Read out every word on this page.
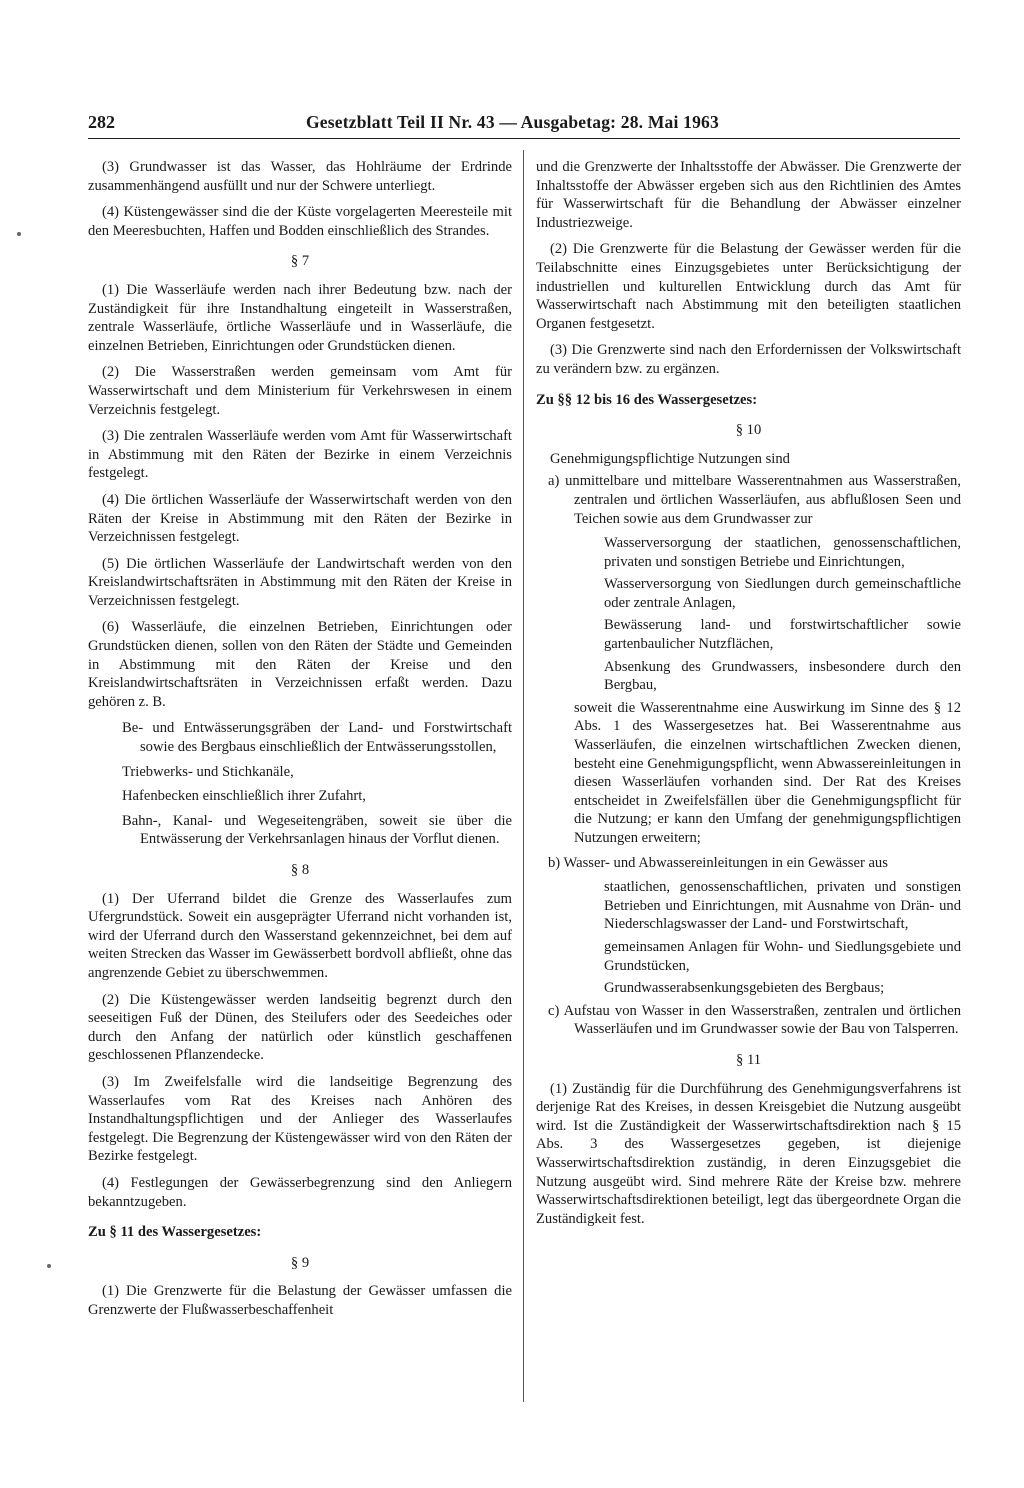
282	Gesetzblatt Teil II Nr. 43 — Ausgabetag: 28. Mai 1963

(3) Grundwasser ist das Wasser, das Hohlräume der Erdrinde zusammenhängend ausfüllt und nur der Schwere unterliegt.

(4) Küstengewässer sind die der Küste vorgelagerten Meeresteile mit den Meeresbuchten, Haffen und Bodden einschließlich des Strandes.

§ 7

(1) Die Wasserläufe werden nach ihrer Bedeutung bzw. nach der Zuständigkeit für ihre Instandhaltung eingeteilt in Wasserstraßen, zentrale Wasserläufe, örtliche Wasserläufe und in Wasserläufe, die einzelnen Betrieben, Einrichtungen oder Grundstücken dienen.

(2) Die Wasserstraßen werden gemeinsam vom Amt für Wasserwirtschaft und dem Ministerium für Verkehrswesen in einem Verzeichnis festgelegt.

(3) Die zentralen Wasserläufe werden vom Amt für Wasserwirtschaft in Abstimmung mit den Räten der Bezirke in einem Verzeichnis festgelegt.

(4) Die örtlichen Wasserläufe der Wasserwirtschaft werden von den Räten der Kreise in Abstimmung mit den Räten der Bezirke in Verzeichnissen festgelegt.

(5) Die örtlichen Wasserläufe der Landwirtschaft werden von den Kreislandwirtschaftsräten in Abstimmung mit den Räten der Kreise in Verzeichnissen festgelegt.

(6) Wasserläufe, die einzelnen Betrieben, Einrichtungen oder Grundstücken dienen, sollen von den Räten der Städte und Gemeinden in Abstimmung mit den Räten der Kreise und den Kreislandwirtschaftsräten in Verzeichnissen erfaßt werden. Dazu gehören z. B.

Be- und Entwässerungsgräben der Land- und Forstwirtschaft sowie des Bergbaus einschließlich der Entwässerungsstollen,

Triebwerks- und Stichkanäle,

Hafenbecken einschließlich ihrer Zufahrt,

Bahn-, Kanal- und Wegeseitengräben, soweit sie über die Entwässerung der Verkehrsanlagen hinaus der Vorflut dienen.

§ 8

(1) Der Uferrand bildet die Grenze des Wasserlaufes zum Ufergrundstück. Soweit ein ausgeprägter Uferrand nicht vorhanden ist, wird der Uferrand durch den Wasserstand gekennzeichnet, bei dem auf weiten Strecken das Wasser im Gewässerbett bordvoll abfließt, ohne das angrenzende Gebiet zu überschwemmen.

(2) Die Küstengewässer werden landseitig begrenzt durch den seeseitigen Fuß der Dünen, des Steilufers oder des Seedeiches oder durch den Anfang der natürlich oder künstlich geschaffenen geschlossenen Pflanzendecke.

(3) Im Zweifelsfalle wird die landseitige Begrenzung des Wasserlaufes vom Rat des Kreises nach Anhören des Instandhaltungspflichtigen und der Anlieger des Wasserlaufes festgelegt. Die Begrenzung der Küstengewässer wird von den Räten der Bezirke festgelegt.

(4) Festlegungen der Gewässerbegrenzung sind den Anliegern bekanntzugeben.

Zu § 11 des Wassergesetzes:

§ 9

(1) Die Grenzwerte für die Belastung der Gewässer umfassen die Grenzwerte der Flußwasserbeschaffenheit

und die Grenzwerte der Inhaltsstoffe der Abwässer. Die Grenzwerte der Inhaltsstoffe der Abwässer ergeben sich aus den Richtlinien des Amtes für Wasserwirtschaft für die Behandlung der Abwässer einzelner Industriezweige.

(2) Die Grenzwerte für die Belastung der Gewässer werden für die Teilabschnitte eines Einzugsgebietes unter Berücksichtigung der industriellen und kulturellen Entwicklung durch das Amt für Wasserwirtschaft nach Abstimmung mit den beteiligten staatlichen Organen festgesetzt.

(3) Die Grenzwerte sind nach den Erfordernissen der Volkswirtschaft zu verändern bzw. zu ergänzen.

Zu §§ 12 bis 16 des Wassergesetzes:

§ 10

Genehmigungspflichtige Nutzungen sind

a) unmittelbare und mittelbare Wasserentnahmen aus Wasserstraßen, zentralen und örtlichen Wasserläufen, aus abflußlosen Seen und Teichen sowie aus dem Grundwasser zur

Wasserversorgung der staatlichen, genossenschaftlichen, privaten und sonstigen Betriebe und Einrichtungen,

Wasserversorgung von Siedlungen durch gemeinschaftliche oder zentrale Anlagen,

Bewässerung land- und forstwirtschaftlicher sowie gartenbaulicher Nutzflächen,

Absenkung des Grundwassers, insbesondere durch den Bergbau,

soweit die Wasserentnahme eine Auswirkung im Sinne des § 12 Abs. 1 des Wassergesetzes hat. Bei Wasserentnahme aus Wasserläufen, die einzelnen wirtschaftlichen Zwecken dienen, besteht eine Genehmigungspflicht, wenn Abwassereinleitungen in diesen Wasserläufen vorhanden sind. Der Rat des Kreises entscheidet in Zweifelsfällen über die Genehmigungspflicht für die Nutzung; er kann den Umfang der genehmigungspflichtigen Nutzungen erweitern;

b) Wasser- und Abwassereinleitungen in ein Gewässer aus

staatlichen, genossenschaftlichen, privaten und sonstigen Betrieben und Einrichtungen, mit Ausnahme von Drän- und Niederschlagswasser der Land- und Forstwirtschaft,

gemeinsamen Anlagen für Wohn- und Siedlungsgebiete und Grundstücken,

Grundwasserabsenkungsgebieten des Bergbaus;

c) Aufstau von Wasser in den Wasserstraßen, zentralen und örtlichen Wasserläufen und im Grundwasser sowie der Bau von Talsperren.

§ 11

(1) Zuständig für die Durchführung des Genehmigungsverfahrens ist derjenige Rat des Kreises, in dessen Kreisgebiet die Nutzung ausgeübt wird. Ist die Zuständigkeit der Wasserwirtschaftsdirektion nach § 15 Abs. 3 des Wassergesetzes gegeben, ist diejenige Wasserwirtschaftsdirektion zuständig, in deren Einzugsgebiet die Nutzung ausgeübt wird. Sind mehrere Räte der Kreise bzw. mehrere Wasserwirtschaftsdirektionen beteiligt, legt das übergeordnete Organ die Zuständigkeit fest.
